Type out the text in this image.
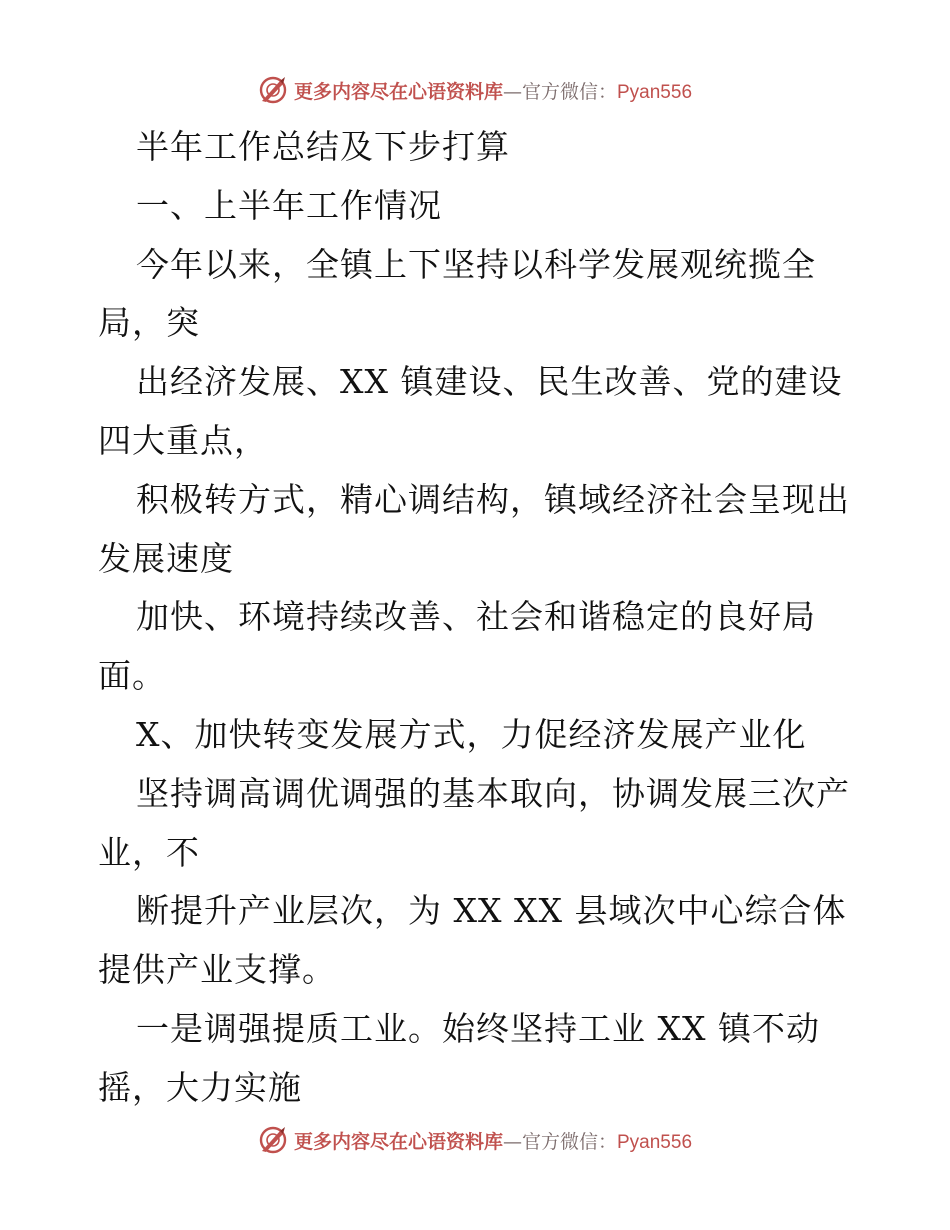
更多内容尽在心语资料库 — 官方微信： Pyan556
半年工作总结及下步打算
一、上半年工作情况
今年以来，全镇上下坚持以科学发展观统揽全
局，突
出经济发展、XX 镇建设、民生改善、党的建设
四大重点，
积极转方式，精心调结构，镇域经济社会呈现出
发展速度
加快、环境持续改善、社会和谐稳定的良好局
面。
X、加快转变发展方式，力促经济发展产业化
坚持调高调优调强的基本取向，协调发展三次产
业，不
断提升产业层次，为 XX XX 县域次中心综合体
提供产业支撑。
一是调强提质工业。始终坚持工业 XX 镇不动
摇，大力实施
更多内容尽在心语资料库 — 官方微信： Pyan556
